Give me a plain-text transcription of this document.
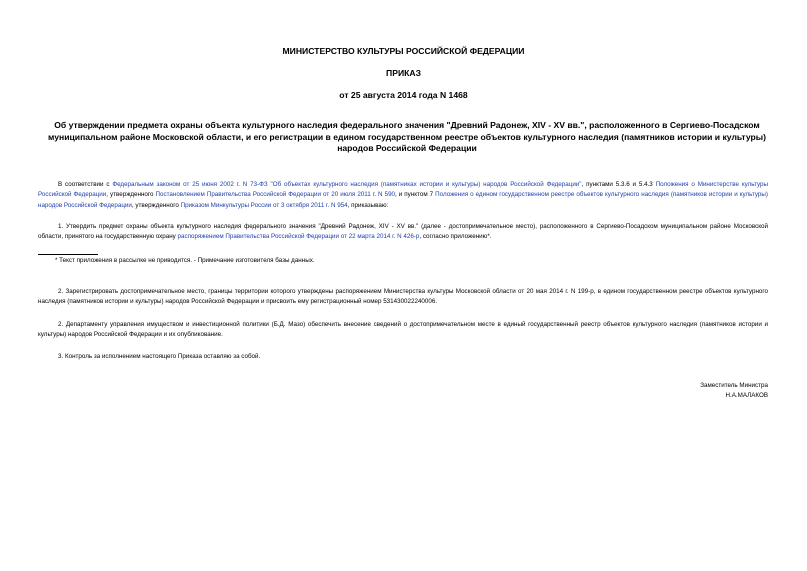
МИНИСТЕРСТВО КУЛЬТУРЫ РОССИЙСКОЙ ФЕДЕРАЦИИ
ПРИКАЗ
от 25 августа 2014 года N 1468
Об утверждении предмета охраны объекта культурного наследия федерального значения "Древний Радонеж, XIV - XV вв.", расположенного в Сергиево-Посадском муниципальном районе Московской области, и его регистрации в едином государственном реестре объектов культурного наследия (памятников истории и культуры) народов Российской Федерации
В соответствии с Федеральным законом от 25 июня 2002 г. N 73-ФЗ "Об объектах культурного наследия (памятниках истории и культуры) народов Российской Федерации", пунктами 5.3.6 и 5.4.3 Положения о Министерстве культуры Российской Федерации, утвержденного Постановлением Правительства Российской Федерации от 20 июля 2011 г. N 590, и пунктом 7 Положения о едином государственном реестре объектов культурного наследия (памятников истории и культуры) народов Российской Федерации, утвержденного Приказом Минкультуры России от 3 октября 2011 г. N 954, приказываю:
1. Утвердить предмет охраны объекта культурного наследия федерального значения "Древний Радонеж, XIV - XV вв." (далее - достопримечательное место), расположенного в Сергиево-Посадском муниципальном районе Московской области, принятого на государственную охрану распоряжением Правительства Российской Федерации от 22 марта 2014 г. N 426-р, согласно приложению*.
* Текст приложения в рассылке не приводится. - Примечание изготовителя базы данных.
2. Зарегистрировать достопримечательное место, границы территории которого утверждены распоряжением Министерства культуры Московской области от 20 мая 2014 г. N 199-р, в едином государственном реестре объектов культурного наследия (памятников истории и культуры) народов Российской Федерации и присвоить ему регистрационный номер 531430022240006.
2. Департаменту управления имуществом и инвестиционной политики (Б.Д. Мазо) обеспечить внесение сведений о достопримечательном месте в единый государственный реестр объектов культурного наследия (памятников истории и культуры) народов Российской Федерации и их опубликование.
3. Контроль за исполнением настоящего Приказа оставляю за собой.
Заместитель Министра
Н.А.МАЛАКОВ
